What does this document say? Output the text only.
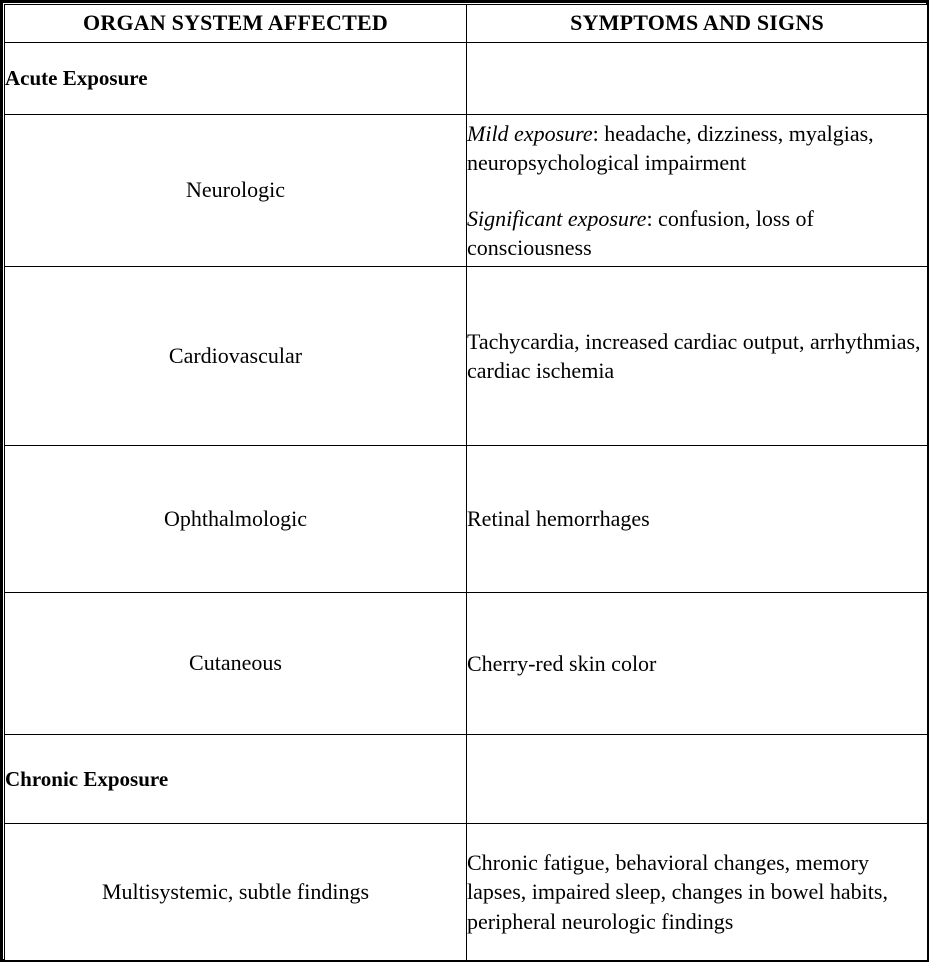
ORGAN SYSTEM AFFECTED	SYMPTOMS AND SIGNS
Acute Exposure	
Neurologic	Mild exposure: headache, dizziness, myalgias, neuropsychological impairment

Significant exposure: confusion, loss of consciousness

Cardiovascular	Tachycardia, increased cardiac output, arrhythmias, cardiac ischemia
Ophthalmologic	Retinal hemorrhages
Cutaneous	Cherry-red skin color
Chronic Exposure	
Multisystemic, subtle findings	Chronic fatigue, behavioral changes, memory lapses, impaired sleep, changes in bowel habits, peripheral neurologic findings
